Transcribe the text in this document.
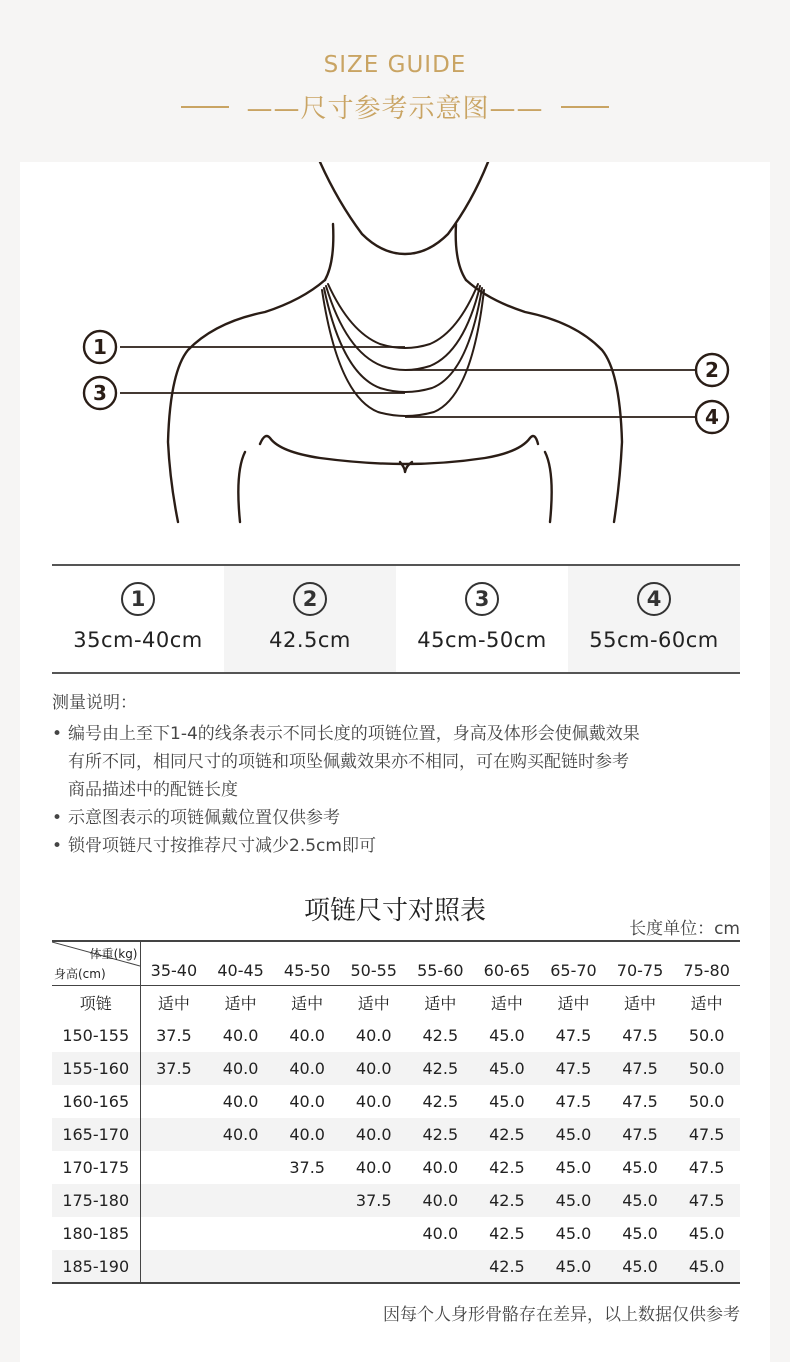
SIZE GUIDE
——尺寸参考示意图——
1
2
3
4
1
35cm-40cm
2
42.5cm
3
45cm-50cm
4
55cm-60cm
测量说明：
• 编号由上至下1-4的线条表示不同长度的项链位置，身高及体形会使佩戴效果
有所不同，相同尺寸的项链和项坠佩戴效果亦不相同，可在购买配链时参考
商品描述中的配链长度
• 示意图表示的项链佩戴位置仅供参考
• 锁骨项链尺寸按推荐尺寸减少2.5cm即可
项链尺寸对照表
长度单位：cm
体重(kg)
身高(cm)	35-40	40-45	45-50	50-55	55-60	60-65	65-70	70-75	75-80
项链	适中	适中	适中	适中	适中	适中	适中	适中	适中
150-155	37.5	40.0	40.0	40.0	42.5	45.0	47.5	47.5	50.0
155-160	37.5	40.0	40.0	40.0	42.5	45.0	47.5	47.5	50.0
160-165		40.0	40.0	40.0	42.5	45.0	47.5	47.5	50.0
165-170		40.0	40.0	40.0	42.5	42.5	45.0	47.5	47.5
170-175			37.5	40.0	40.0	42.5	45.0	45.0	47.5
175-180				37.5	40.0	42.5	45.0	45.0	47.5
180-185					40.0	42.5	45.0	45.0	45.0
185-190						42.5	45.0	45.0	45.0
因每个人身形骨骼存在差异，以上数据仅供参考
